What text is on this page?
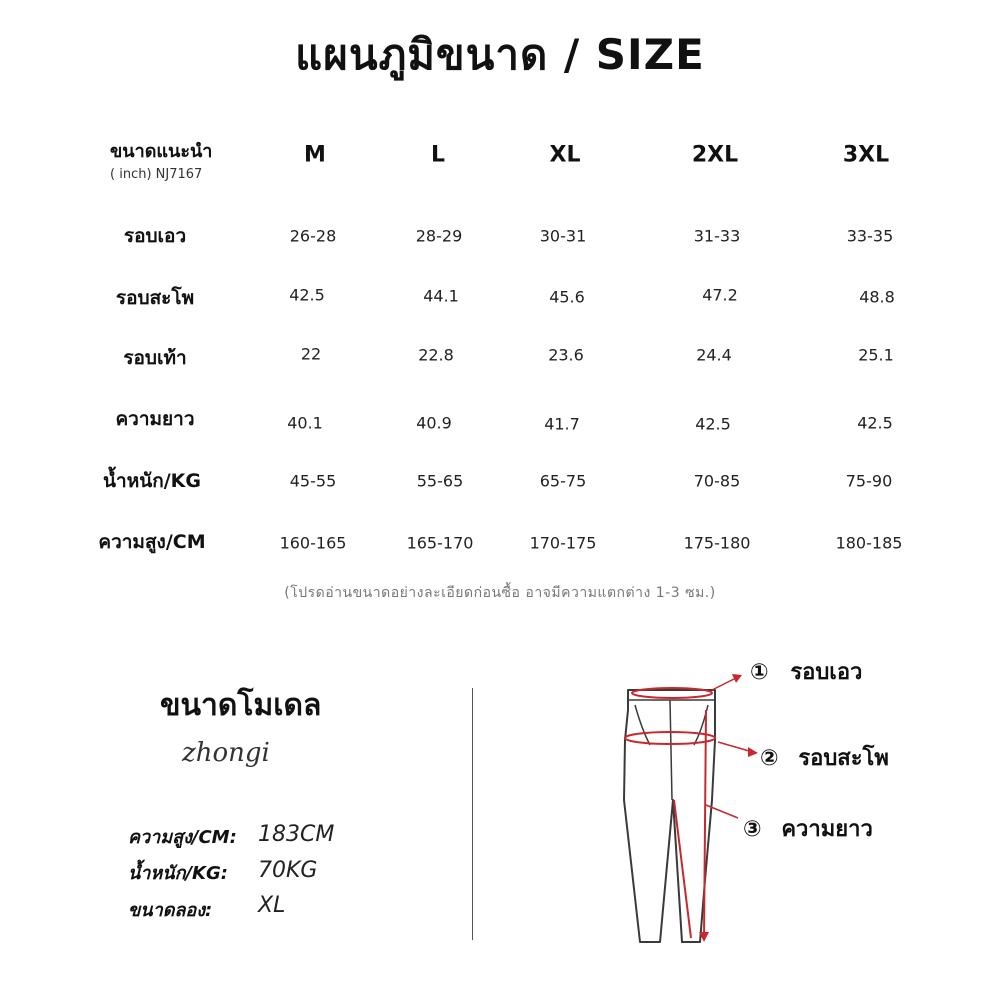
แผนภูมิขนาด / SIZE
ขนาดแนะนำ
( inch) NJ7167
M	L	XL	2XL	3XL
รอบเอว	26-28	28-29	30-31	31-33	33-35
รอบสะโพ	42.5	44.1	45.6	47.2	48.8
รอบเท้า	22	22.8	23.6	24.4	25.1
ความยาว	40.1	40.9	41.7	42.5	42.5
น้ำหนัก/KG	45-55	55-65	65-75	70-85	75-90
ความสูง/CM	160-165	165-170	170-175	175-180	180-185
(โปรดอ่านขนาดอย่างละเอียดก่อนซื้อ อาจมีความแตกต่าง 1-3 ซม.)
ขนาดโมเดล
zhongi
ความสูง/CM: 183CM
น้ำหนัก/KG: 70KG
ขนาดลอง: XL
① รอบเอว
② รอบสะโพ
③ ความยาว
